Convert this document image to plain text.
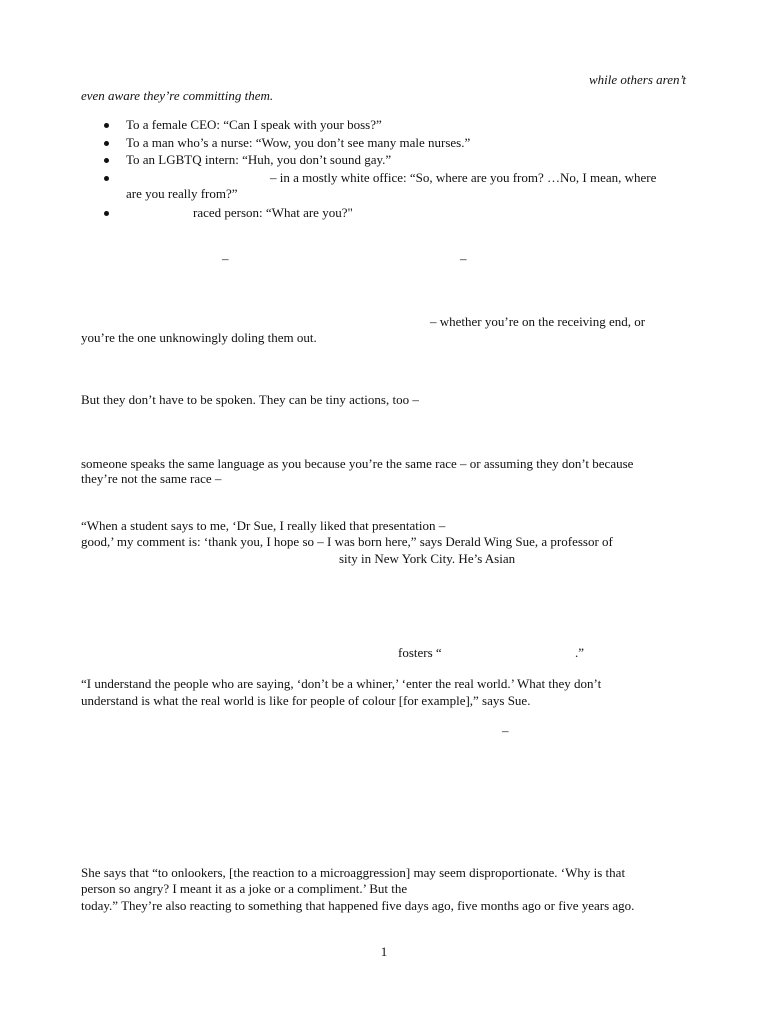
while others aren’t
even aware they’re committing them.
To a female CEO: “Can I speak with your boss?”
To a man who’s a nurse: “Wow, you don’t see many male nurses.”
To an LGBTQ intern: “Huh, you don’t sound gay.”
– in a mostly white office: “So, where are you from? …No, I mean, where
are you really from?”
raced person: “What are you?"
–	–
– whether you’re on the receiving end, or
you’re the one unknowingly doling them out.
But they don’t have to be spoken. They can be tiny actions, too –
someone speaks the same language as you because you’re the same race – or assuming they don’t because
they’re not the same race –
“When a student says to me, ‘Dr Sue, I really liked that presentation –
good,’ my comment is: ‘thank you, I hope so – I was born here,” says Derald Wing Sue, a professor of
sity in New York City. He’s Asian
fosters “	.”
“I understand the people who are saying, ‘don’t be a whiner,’ ‘enter the real world.’ What they don’t
understand is what the real world is like for people of colour [for example],” says Sue.
–
She says that “to onlookers, [the reaction to a microaggression] may seem disproportionate. ‘Why is that
person so angry? I meant it as a joke or a compliment.’ But the
today.” They’re also reacting to something that happened five days ago, five months ago or five years ago.
1
